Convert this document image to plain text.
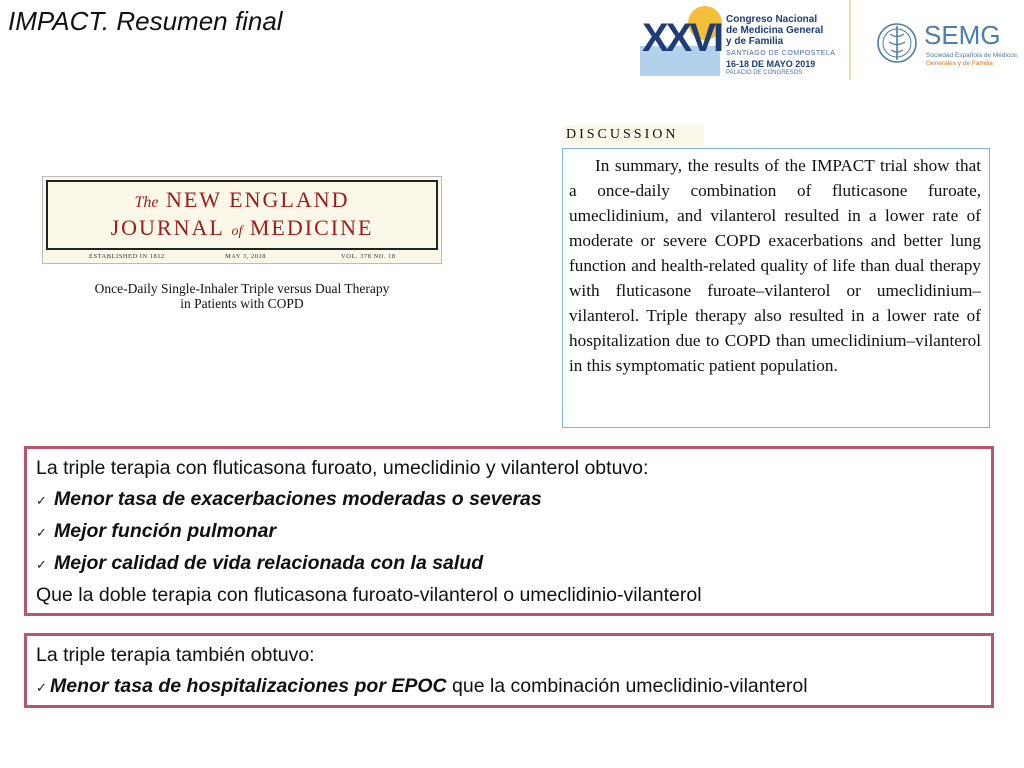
IMPACT. Resumen final	XXVI Congreso Nacional
de Medicina General
y de Familia
SANTIAGO DE COMPOSTELA
16-18 DE MAYO 2019
PALACIO DE CONGRESOS
SEMG
Sociedad Española de Médicos
Generales y de Familia
The NEW ENGLAND
JOURNAL of MEDICINE
ESTABLISHED IN 1812	MAY 3, 2018	VOL. 378 NO. 18
Once-Daily Single-Inhaler Triple versus Dual Therapy
in Patients with COPD
DISCUSSION

In summary, the results of the IMPACT trial show that a once-daily combination of fluticasone furoate, umeclidinium, and vilanterol resulted in a lower rate of moderate or severe COPD exacerbations and better lung function and health-related quality of life than dual therapy with fluticasone furoate–vilanterol or umeclidinium–vilanterol. Triple therapy also resulted in a lower rate of hospitalization due to COPD than umeclidinium–vilanterol in this symptomatic patient population.

La triple terapia con fluticasona furoato, umeclidinio y vilanterol obtuvo:
✓ Menor tasa de exacerbaciones moderadas o severas
✓ Mejor función pulmonar
✓ Mejor calidad de vida relacionada con la salud
Que la doble terapia con fluticasona furoato-vilanterol o umeclidinio-vilanterol
La triple terapia también obtuvo:
✓ Menor tasa de hospitalizaciones por EPOC que la combinación umeclidinio-vilanterol
